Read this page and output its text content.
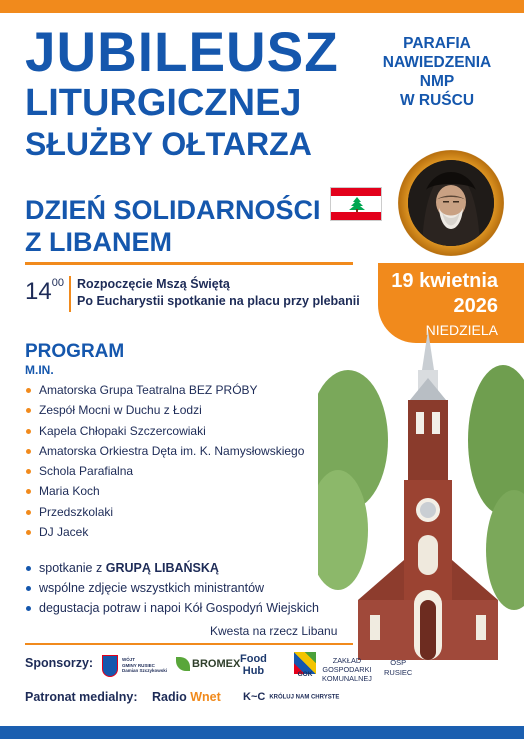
JUBILEUSZ
LITURGICZNEJ
SŁUŻBY OŁTARZA
PARAFIA
NAWIEDZENIA
NMP
W RUŚCU
DZIEŃ SOLIDARNOŚCI
Z LIBANEM
$14^{00}$ Rozpoczęcie Mszą Świętą
Po Eucharystii spotkanie na placu przy plebanii
19 kwietnia
2026
NIEDZIELA
PROGRAM
M.IN.
Amatorska Grupa Teatralna BEZ PRÓBY
Zespół Mocni w Duchu z Łodzi
Kapela Chłopaki Szczercowiaki
Amatorska Orkiestra Dęta im. K. Namysłowskiego
Schola Parafialna
Maria Koch
Przedszkolaki
DJ Jacek
spotkanie z GRUPĄ LIBAŃSKĄ
wspólne zdjęcie wszystkich ministrantów
degustacja potraw i napoi Kół Gospodyń Wiejskich
Kwesta na rzecz Libanu
Sponsorzy:	WÓJT
GMINY RUSIEC
Damian Szczykowski
BROMEX Food
Hub	GOK
ZAKŁAD
GOSPODARKI
KOMUNALNEJ
OSP
RUSIEC
Patronat medialny: Radio Wnet K~C KRÓLUJ NAM CHRYSTE
